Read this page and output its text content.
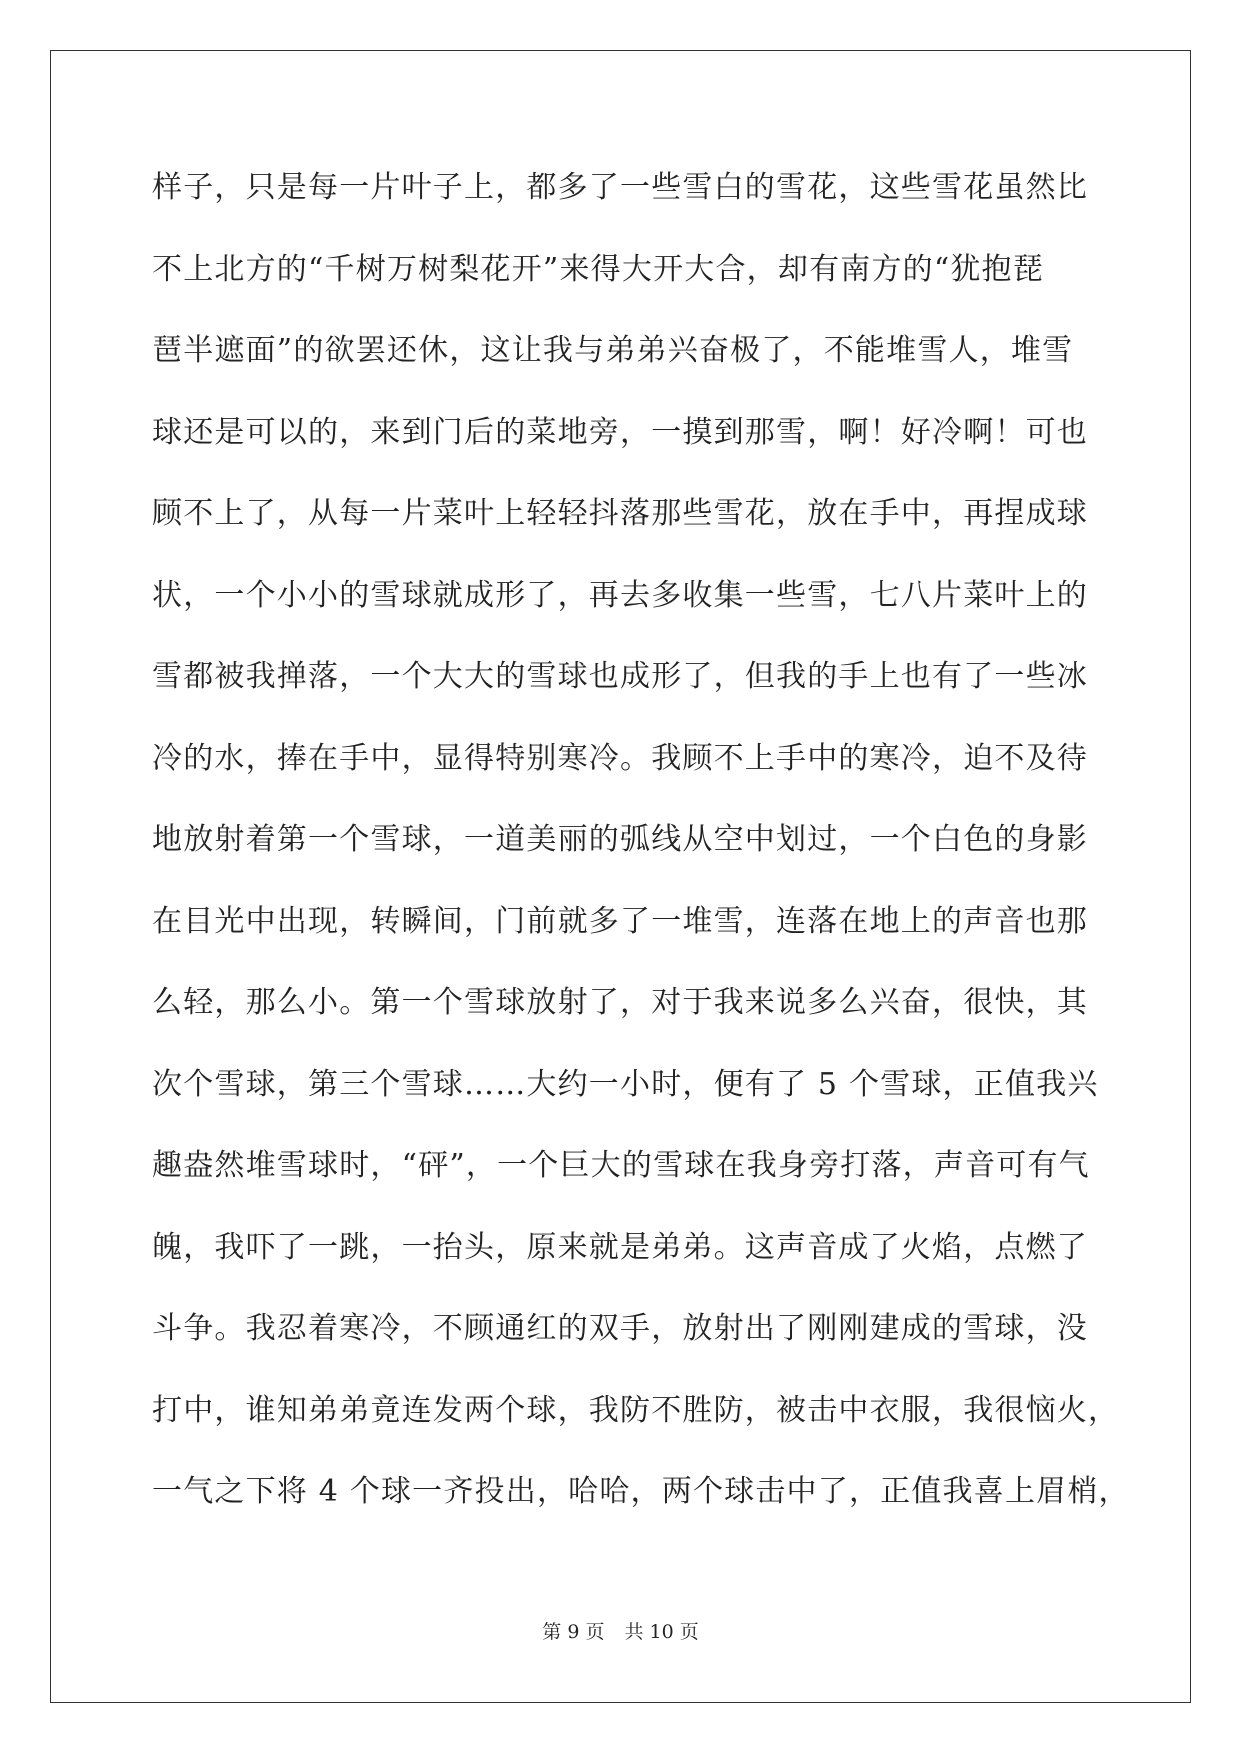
样子，只是每一片叶子上，都多了一些雪白的雪花，这些雪花虽然比
不上北方的“千树万树梨花开”来得大开大合，却有南方的“犹抱琵
琶半遮面”的欲罢还休，这让我与弟弟兴奋极了，不能堆雪人，堆雪
球还是可以的，来到门后的菜地旁，一摸到那雪，啊！好冷啊！可也
顾不上了，从每一片菜叶上轻轻抖落那些雪花，放在手中，再捏成球
状，一个小小的雪球就成形了，再去多收集一些雪，七八片菜叶上的
雪都被我掸落，一个大大的雪球也成形了，但我的手上也有了一些冰
冷的水，捧在手中，显得特别寒冷。我顾不上手中的寒冷，迫不及待
地放射着第一个雪球，一道美丽的弧线从空中划过，一个白色的身影
在目光中出现，转瞬间，门前就多了一堆雪，连落在地上的声音也那
么轻，那么小。第一个雪球放射了，对于我来说多么兴奋，很快，其
次个雪球，第三个雪球……大约一小时，便有了 5 个雪球，正值我兴
趣盎然堆雪球时，“砰”，一个巨大的雪球在我身旁打落，声音可有气
魄，我吓了一跳，一抬头，原来就是弟弟。这声音成了火焰，点燃了
斗争。我忍着寒冷，不顾通红的双手，放射出了刚刚建成的雪球，没
打中，谁知弟弟竟连发两个球，我防不胜防，被击中衣服，我很恼火，
一气之下将 4 个球一齐投出，哈哈，两个球击中了，正值我喜上眉梢，
第 9 页 共 10 页
